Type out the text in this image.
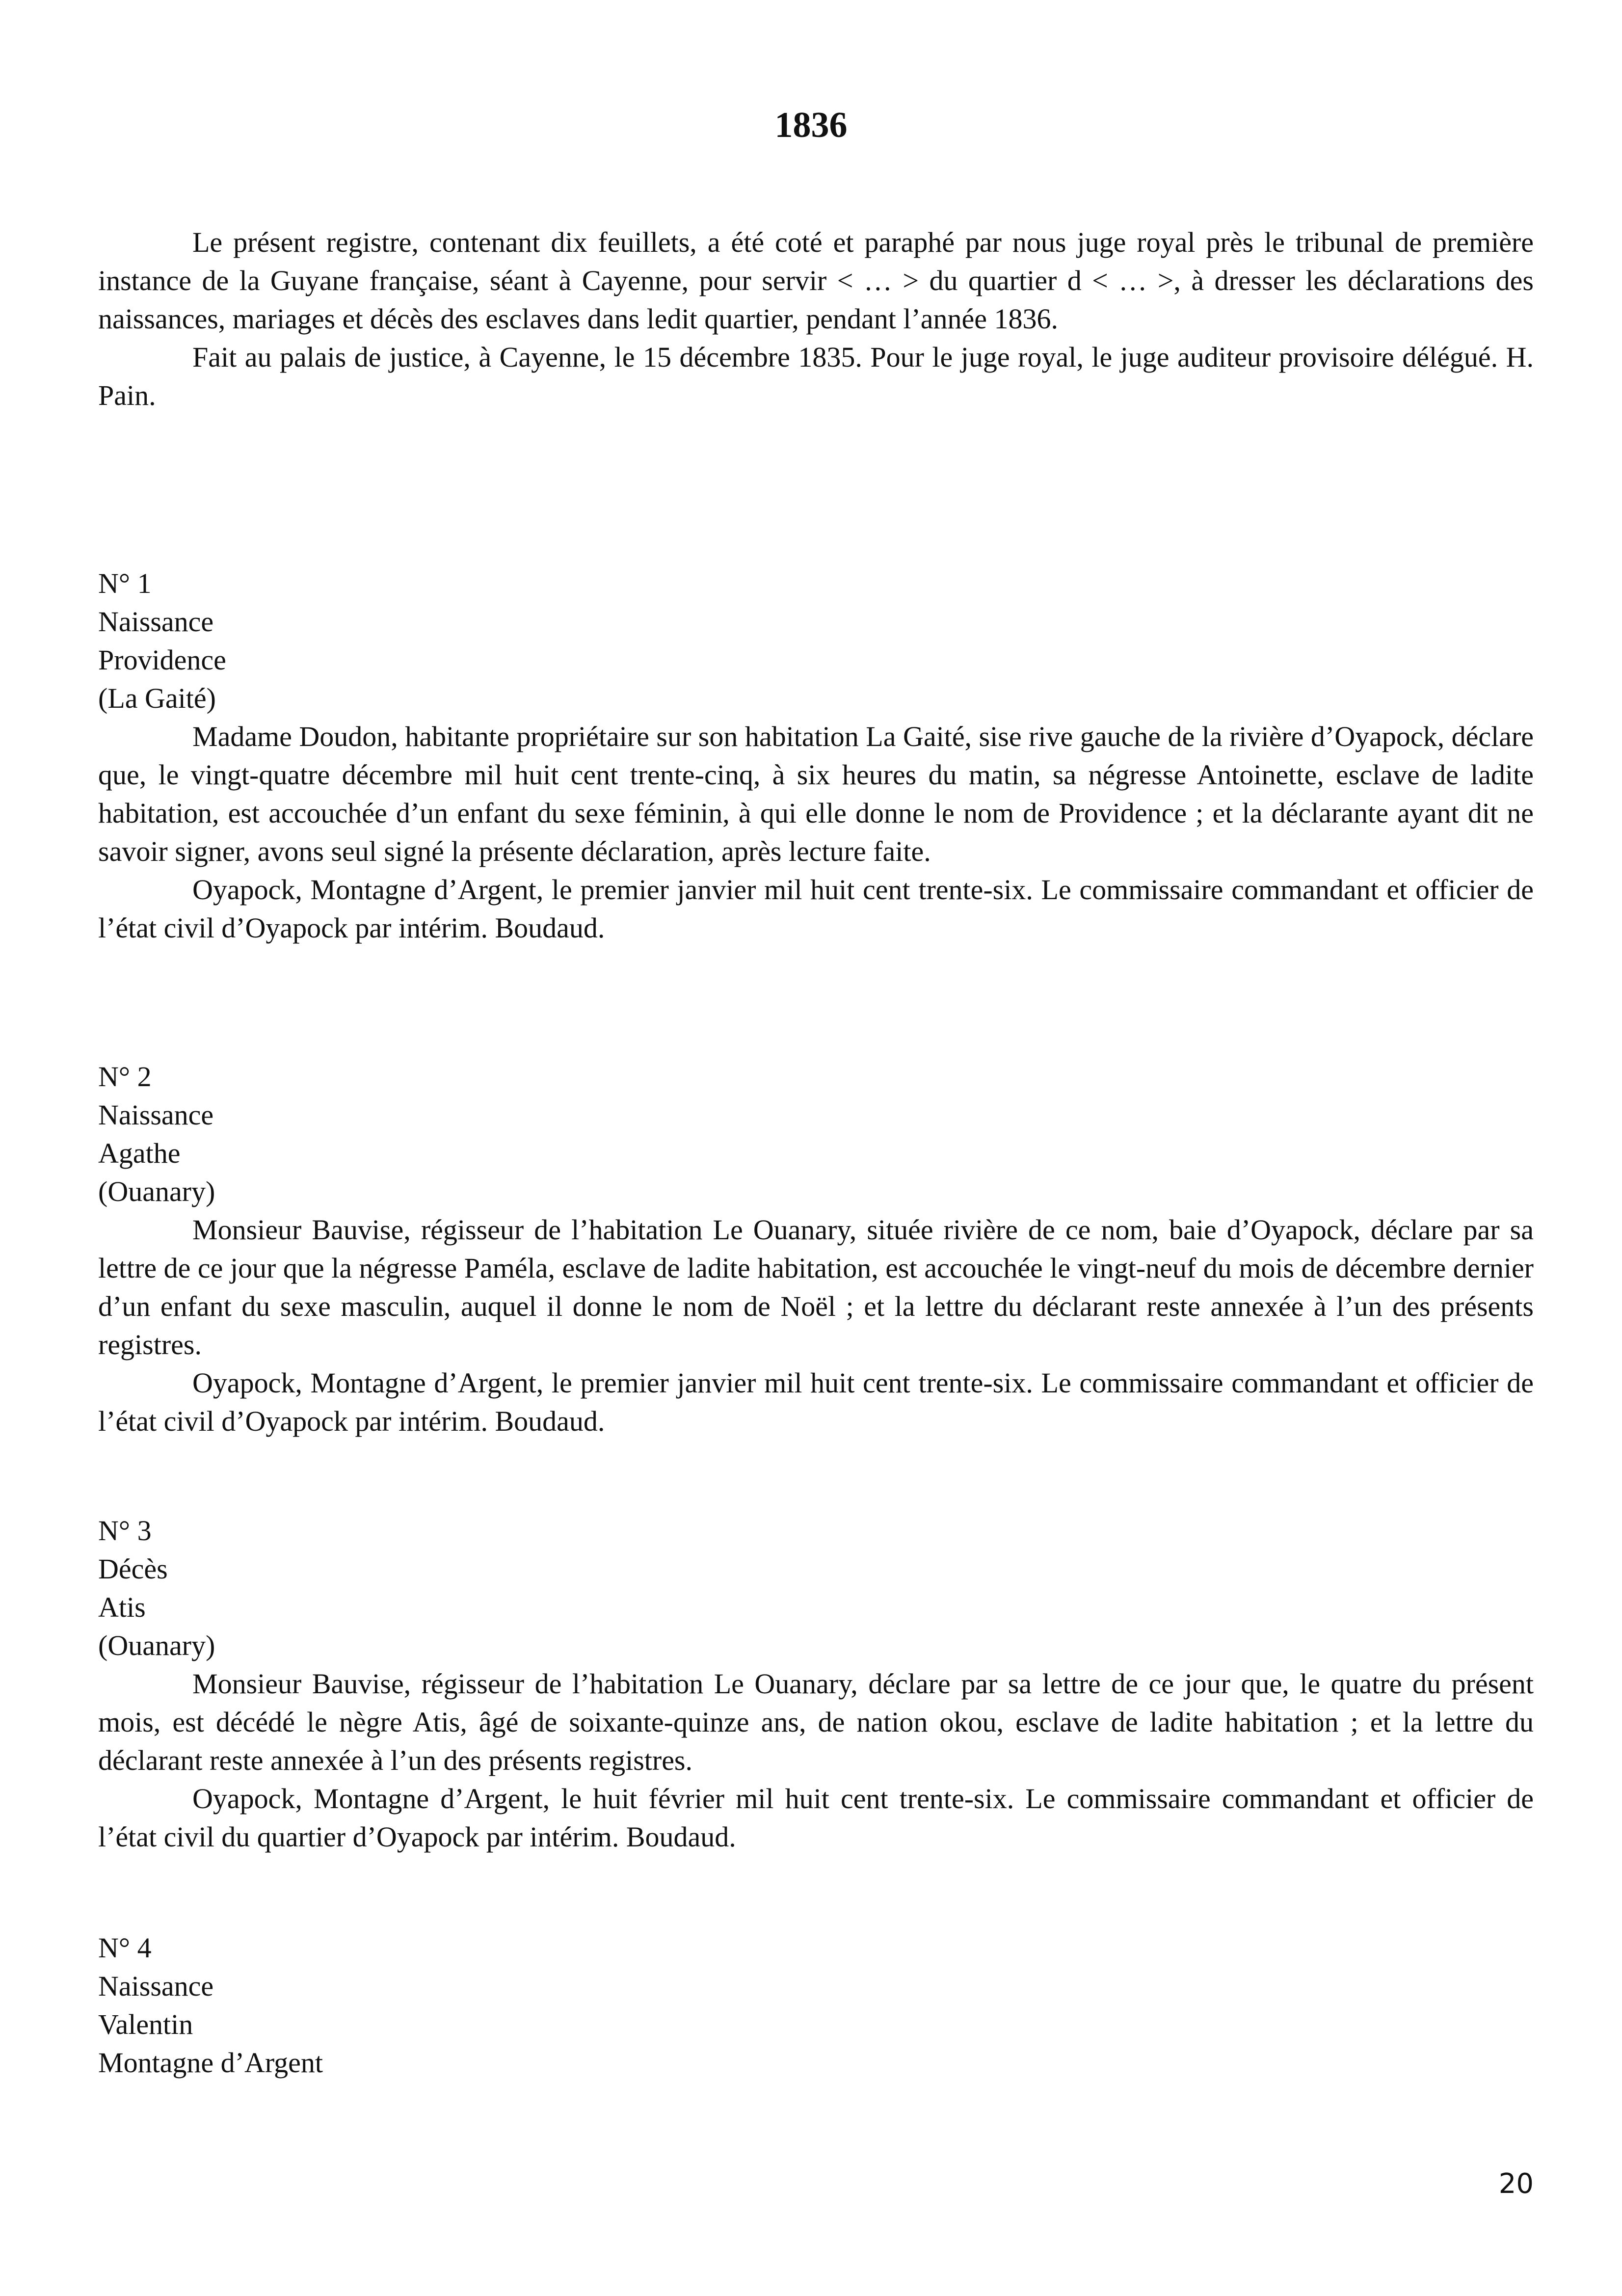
1836

Le présent registre, contenant dix feuillets, a été coté et paraphé par nous juge royal près le tribunal de première instance de la Guyane française, séant à Cayenne, pour servir < … > du quartier d < … >, à dresser les déclarations des naissances, mariages et décès des esclaves dans ledit quartier, pendant l’année 1836.

Fait au palais de justice, à Cayenne, le 15 décembre 1835. Pour le juge royal, le juge auditeur provisoire délégué. H. Pain.

N° 1

Naissance

Providence

(La Gaité)

Madame Doudon, habitante propriétaire sur son habitation La Gaité, sise rive gauche de la rivière d’Oyapock, déclare que, le vingt-quatre décembre mil huit cent trente-cinq, à six heures du matin, sa négresse Antoinette, esclave de ladite habitation, est accouchée d’un enfant du sexe féminin, à qui elle donne le nom de Providence ; et la déclarante ayant dit ne savoir signer, avons seul signé la présente déclaration, après lecture faite.

Oyapock, Montagne d’Argent, le premier janvier mil huit cent trente-six. Le commissaire commandant et officier de l’état civil d’Oyapock par intérim. Boudaud.

N° 2

Naissance

Agathe

(Ouanary)

Monsieur Bauvise, régisseur de l’habitation Le Ouanary, située rivière de ce nom, baie d’Oyapock, déclare par sa lettre de ce jour que la négresse Paméla, esclave de ladite habitation, est accouchée le vingt-neuf du mois de décembre dernier d’un enfant du sexe masculin, auquel il donne le nom de Noël ; et la lettre du déclarant reste annexée à l’un des présents registres.

Oyapock, Montagne d’Argent, le premier janvier mil huit cent trente-six. Le commissaire commandant et officier de l’état civil d’Oyapock par intérim. Boudaud.

N° 3

Décès

Atis

(Ouanary)

Monsieur Bauvise, régisseur de l’habitation Le Ouanary, déclare par sa lettre de ce jour que, le quatre du présent mois, est décédé le nègre Atis, âgé de soixante-quinze ans, de nation okou, esclave de ladite habitation ; et la lettre du déclarant reste annexée à l’un des présents registres.

Oyapock, Montagne d’Argent, le huit février mil huit cent trente-six. Le commissaire commandant et officier de l’état civil du quartier d’Oyapock par intérim. Boudaud.

N° 4

Naissance

Valentin

Montagne d’Argent

20
